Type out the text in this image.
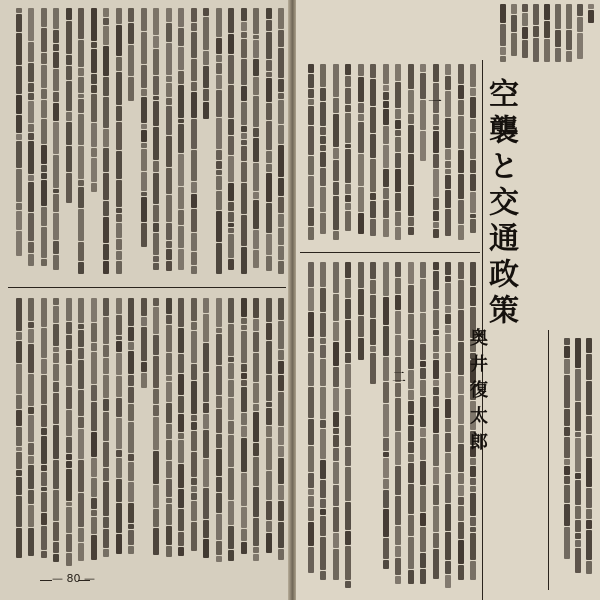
— 80 —
空襲と交通政策
奥井復太郎
一
二
